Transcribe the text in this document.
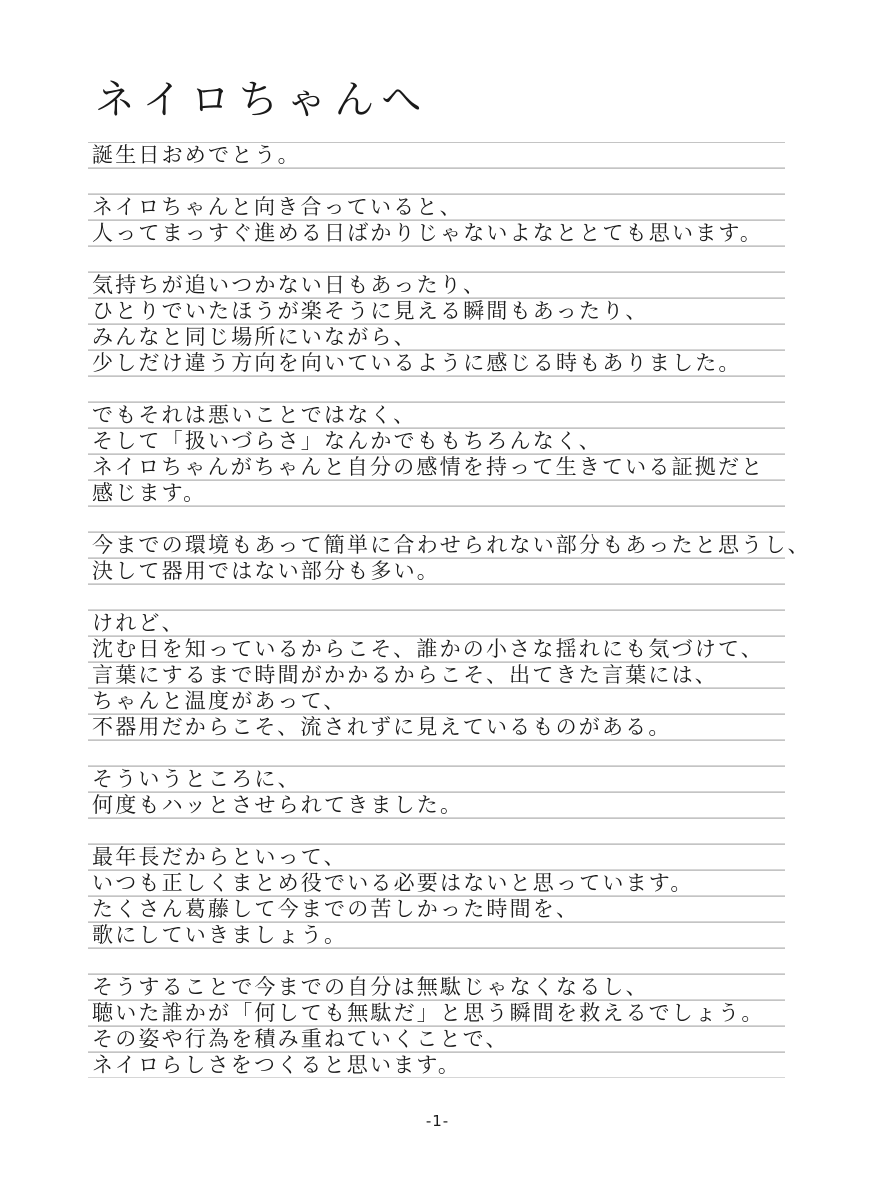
ネイロちゃんへ
誕生日おめでとう。
ネイロちゃんと向き合っていると、
人ってまっすぐ進める日ばかりじゃないよなととても思います。
気持ちが追いつかない日もあったり、
ひとりでいたほうが楽そうに見える瞬間もあったり、
みんなと同じ場所にいながら、
少しだけ違う方向を向いているように感じる時もありました。
でもそれは悪いことではなく、
そして「扱いづらさ」なんかでももちろんなく、
ネイロちゃんがちゃんと自分の感情を持って生きている証拠だと
感じます。
今までの環境もあって簡単に合わせられない部分もあったと思うし、
決して器用ではない部分も多い。
けれど、
沈む日を知っているからこそ、誰かの小さな揺れにも気づけて、
言葉にするまで時間がかかるからこそ、出てきた言葉には、
ちゃんと温度があって、
不器用だからこそ、流されずに見えているものがある。
そういうところに、
何度もハッとさせられてきました。
最年長だからといって、
いつも正しくまとめ役でいる必要はないと思っています。
たくさん葛藤して今までの苦しかった時間を、
歌にしていきましょう。
そうすることで今までの自分は無駄じゃなくなるし、
聴いた誰かが「何しても無駄だ」と思う瞬間を救えるでしょう。
その姿や行為を積み重ねていくことで、
ネイロらしさをつくると思います。
-1-
